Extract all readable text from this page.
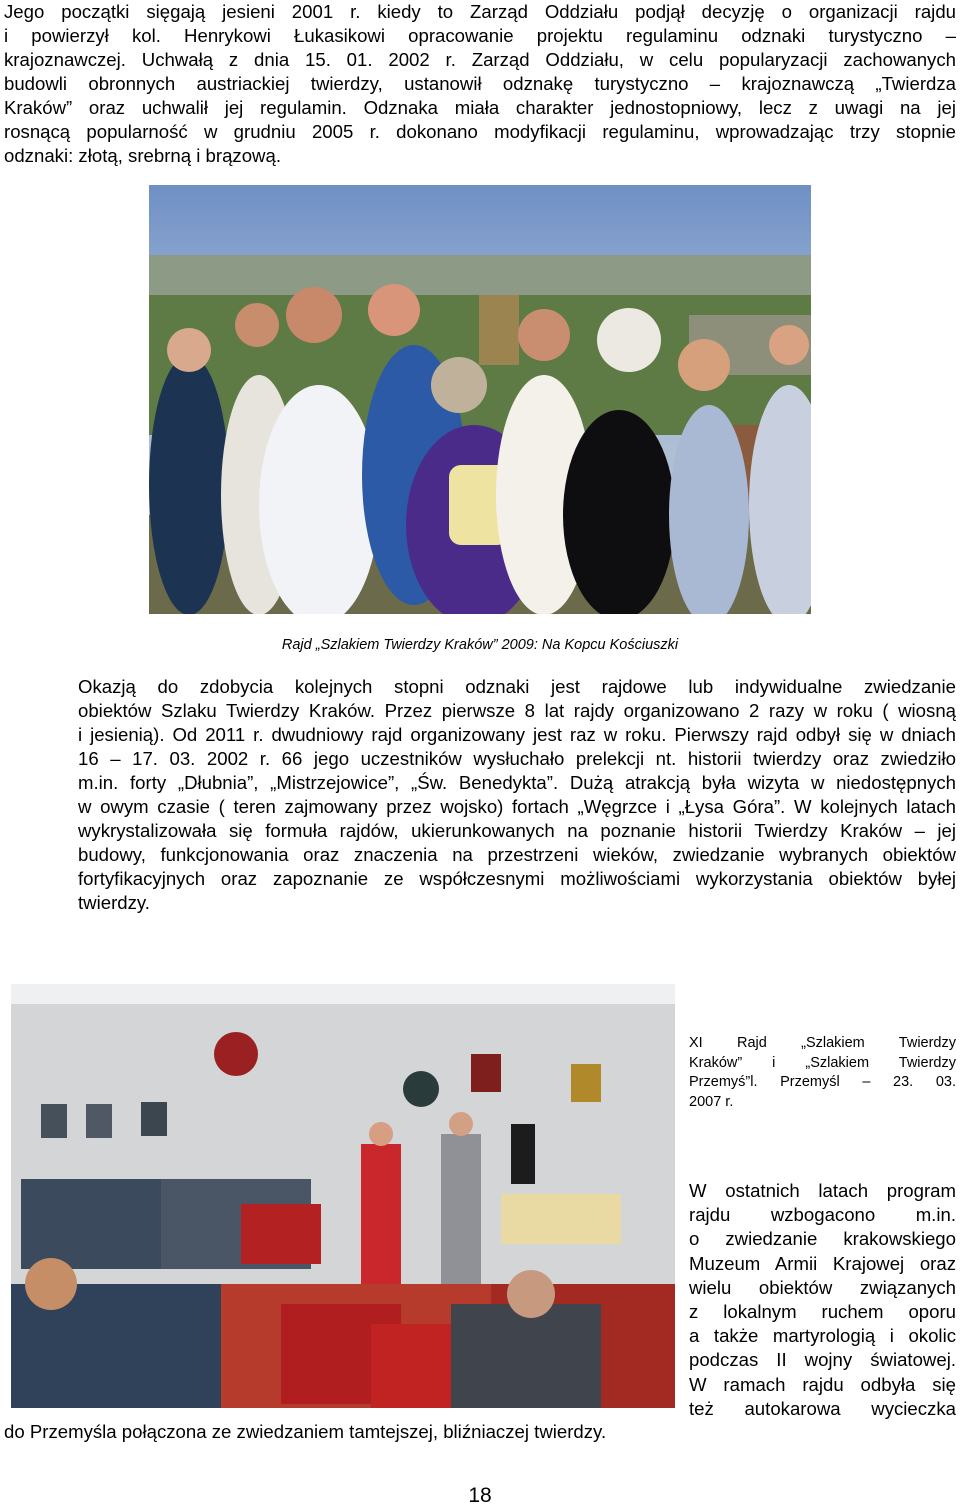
Jego początki sięgają jesieni 2001 r. kiedy to Zarząd Oddziału podjął decyzję o organizacji rajdu
i powierzył kol. Henrykowi Łukasikowi opracowanie projektu regulaminu odznaki turystyczno –
krajoznawczej. Uchwałą z dnia 15. 01. 2002 r. Zarząd Oddziału, w celu popularyzacji zachowanych
budowli obronnych austriackiej twierdzy, ustanowił odznakę turystyczno – krajoznawczą „Twierdza
Kraków” oraz uchwalił jej regulamin. Odznaka miała charakter jednostopniowy, lecz z uwagi na jej
rosnącą popularność w grudniu 2005 r. dokonano modyfikacji regulaminu, wprowadzając trzy stopnie
odznaki: złotą, srebrną i brązową.
Rajd „Szlakiem Twierdzy Kraków” 2009: Na Kopcu Kościuszki
Okazją do zdobycia kolejnych stopni odznaki jest rajdowe lub indywidualne zwiedzanie
obiektów Szlaku Twierdzy Kraków. Przez pierwsze 8 lat rajdy organizowano 2 razy w roku ( wiosną
i jesienią). Od 2011 r. dwudniowy rajd organizowany jest raz w roku. Pierwszy rajd odbył się w dniach
16 – 17. 03. 2002 r. 66 jego uczestników wysłuchało prelekcji nt. historii twierdzy oraz zwiedziło
m.in. forty „Dłubnia”, „Mistrzejowice”, „Św. Benedykta”. Dużą atrakcją była wizyta w niedostępnych
w owym czasie ( teren zajmowany przez wojsko) fortach „Węgrzce i „Łysa Góra”. W kolejnych latach
wykrystalizowała się formuła rajdów, ukierunkowanych na poznanie historii Twierdzy Kraków – jej
budowy, funkcjonowania oraz znaczenia na przestrzeni wieków, zwiedzanie wybranych obiektów
fortyfikacyjnych oraz zapoznanie ze współczesnymi możliwościami wykorzystania obiektów byłej
twierdzy.
XI Rajd „Szlakiem Twierdzy
Kraków” i „Szlakiem Twierdzy
Przemyś”l. Przemyśl – 23. 03.
2007 r.
W ostatnich latach program
rajdu wzbogacono m.in.
o zwiedzanie krakowskiego
Muzeum Armii Krajowej oraz
wielu obiektów związanych
z lokalnym ruchem oporu
a także martyrologią i okolic
podczas II wojny światowej.
W ramach rajdu odbyła się
też autokarowa wycieczka
do Przemyśla połączona ze zwiedzaniem tamtejszej, bliźniaczej twierdzy.
18
